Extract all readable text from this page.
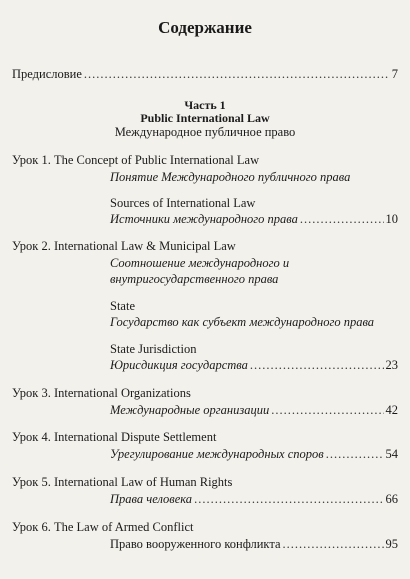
Содержание
Предисловие .....	7
Часть 1
Public International Law
Международное публичное право
Урок 1. The Concept of Public International Law
Понятие Международного публичного права
Sources of International Law
Источники международного права .....	10
Урок 2. International Law & Municipal Law
Соотношение международного и
внутригосударственного права
State
Государство как субъект международного права
State Jurisdiction
Юрисдикция государства .....	23
Урок 3. International Organizations
Международные организации .....	42
Урок 4. International Dispute Settlement
Урегулирование международных споров .....	54
Урок 5. International Law of Human Rights
Права человека .....	66
Урок 6. The Law of Armed Conflict
Право вооруженного конфликта .....	95
